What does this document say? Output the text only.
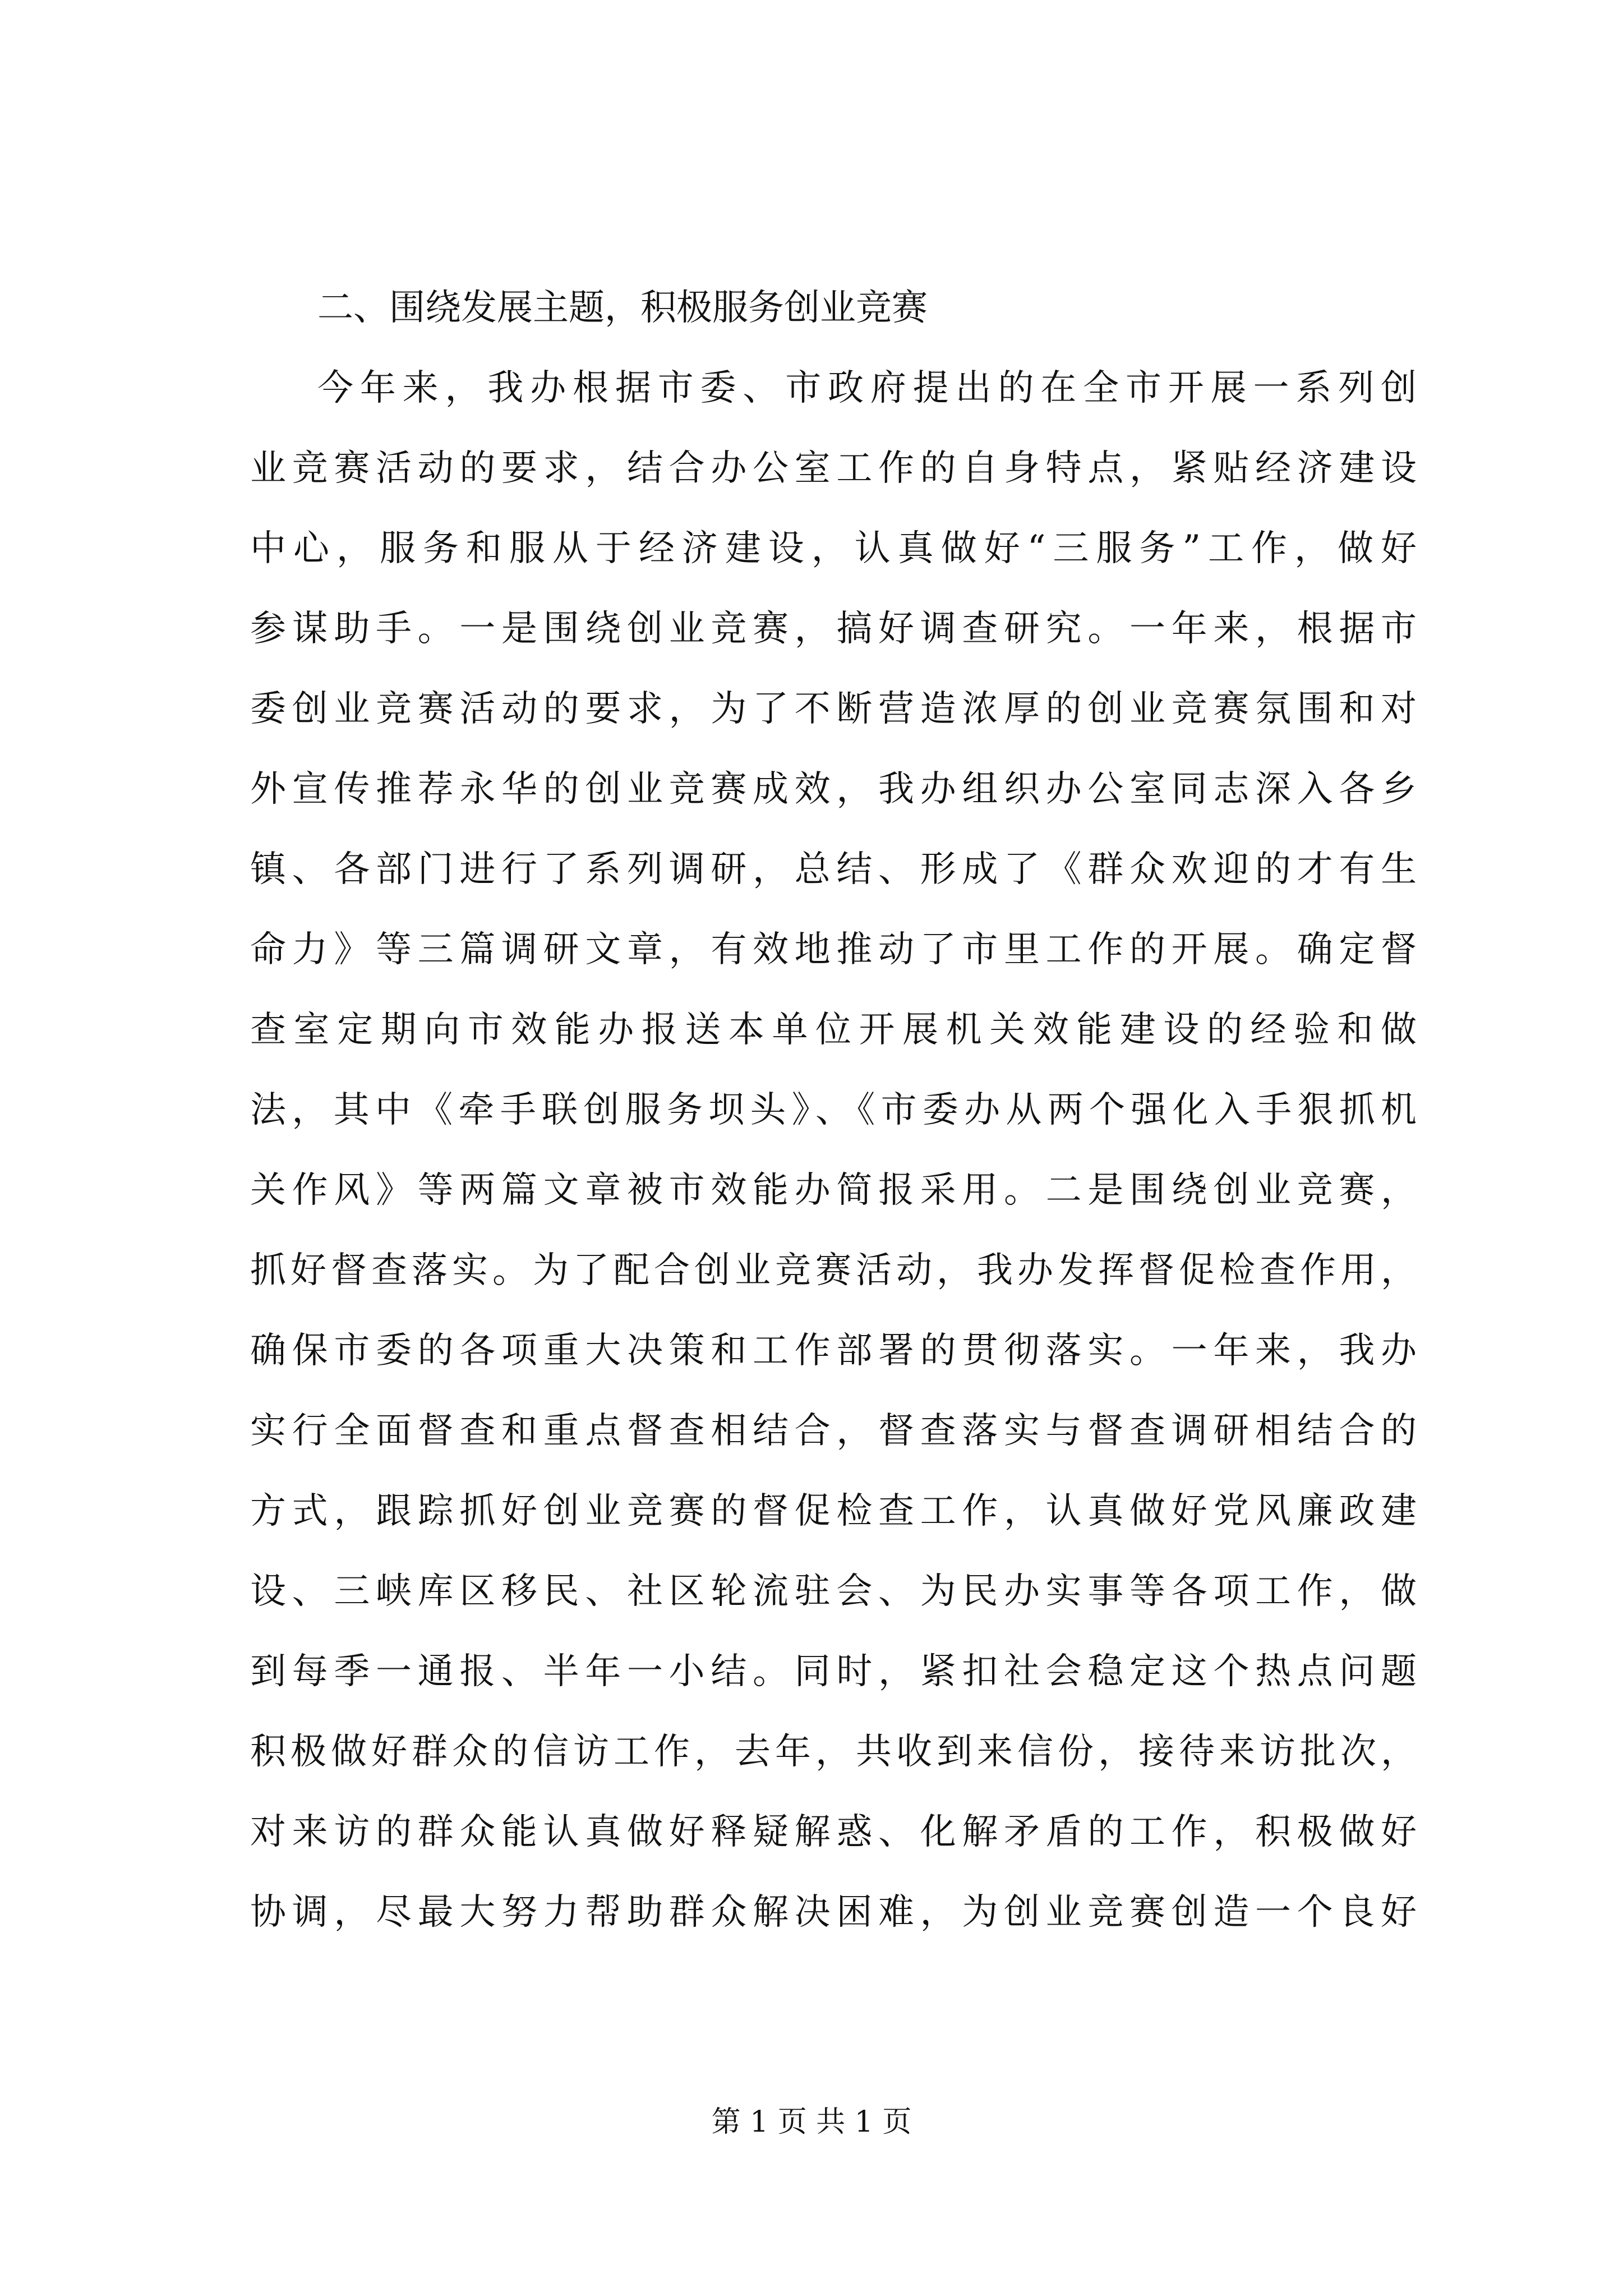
二、围绕发展主题，积极服务创业竞赛

今年来，我办根据市委、市政府提出的在全市开展一系列创
业竞赛活动的要求，结合办公室工作的自身特点，紧贴经济建设
中心，服务和服从于经济建设，认真做好“三服务”工作，做好
参谋助手。一是围绕创业竞赛，搞好调查研究。一年来，根据市
委创业竞赛活动的要求，为了不断营造浓厚的创业竞赛氛围和对
外宣传推荐永华的创业竞赛成效，我办组织办公室同志深入各乡
镇、各部门进行了系列调研，总结、形成了《群众欢迎的才有生
命力》等三篇调研文章，有效地推动了市里工作的开展。确定督
查室定期向市效能办报送本单位开展机关效能建设的经验和做
法，其中《牵手联创服务坝头》、《市委办从两个强化入手狠抓机
关作风》等两篇文章被市效能办简报采用。二是围绕创业竞赛，
抓好督查落实。为了配合创业竞赛活动，我办发挥督促检查作用，
确保市委的各项重大决策和工作部署的贯彻落实。一年来，我办
实行全面督查和重点督查相结合，督查落实与督查调研相结合的
方式，跟踪抓好创业竞赛的督促检查工作，认真做好党风廉政建
设、三峡库区移民、社区轮流驻会、为民办实事等各项工作，做
到每季一通报、半年一小结。同时，紧扣社会稳定这个热点问题
积极做好群众的信访工作，去年，共收到来信份，接待来访批次，
对来访的群众能认真做好释疑解惑、化解矛盾的工作，积极做好
协调，尽最大努力帮助群众解决困难，为创业竞赛创造一个良好

第 1 页 共 1 页
